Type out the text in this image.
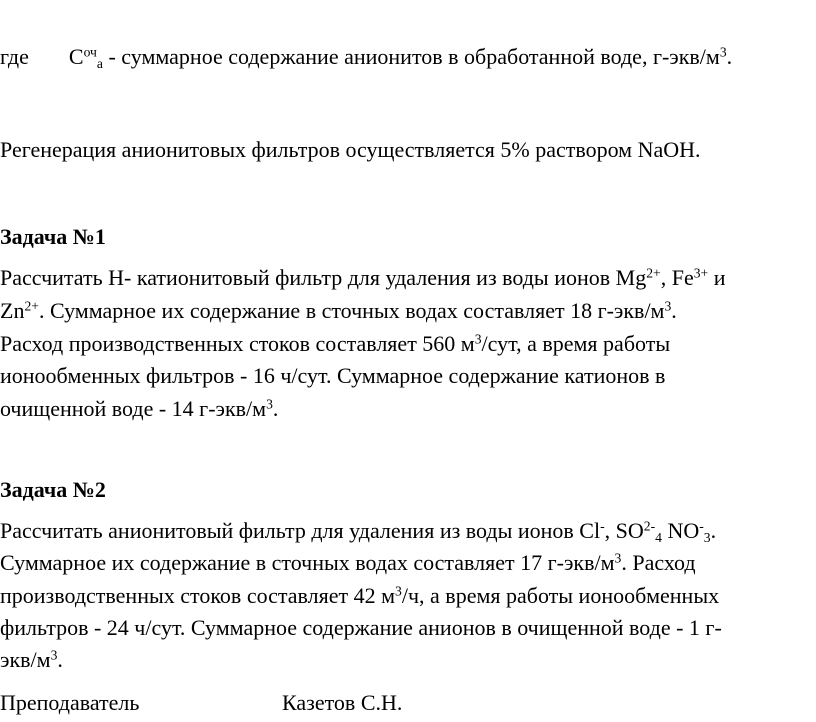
где $С^{оч}_а$ - суммарное содержание анионитов в обработанной воде, $г-экв/м^3$.

Регенерация анионитовых фильтров осуществляется 5% раствором NaOH.

Задача №1

Рассчитать Н- катионитовый фильтр для удаления из воды ионов $Mg^{2+}$, $Fe^{3+}$ и

$Zn^{2+}$. Суммарное их содержание в сточных водах составляет 18 $г-экв/м^3$.

Расход производственных стоков составляет 560 $м^3$/сут, а время работы

ионообменных фильтров - 16 ч/сут. Суммарное содержание катионов в

очищенной воде - 14 $г-экв/м^3$.

Задача №2

Рассчитать анионитовый фильтр для удаления из воды ионов Cl-, $SO^{2-}_4$ $NO^-_3$.

Суммарное их содержание в сточных водах составляет 17 $г-экв/м^3$. Расход

производственных стоков составляет 42 $м^3/ч$, а время работы ионообменных

фильтров - 24 ч/сут. Суммарное содержание анионов в очищенной воде - 1 г-

экв/$м^3$.

Преподаватель	Казетов С.Н.
